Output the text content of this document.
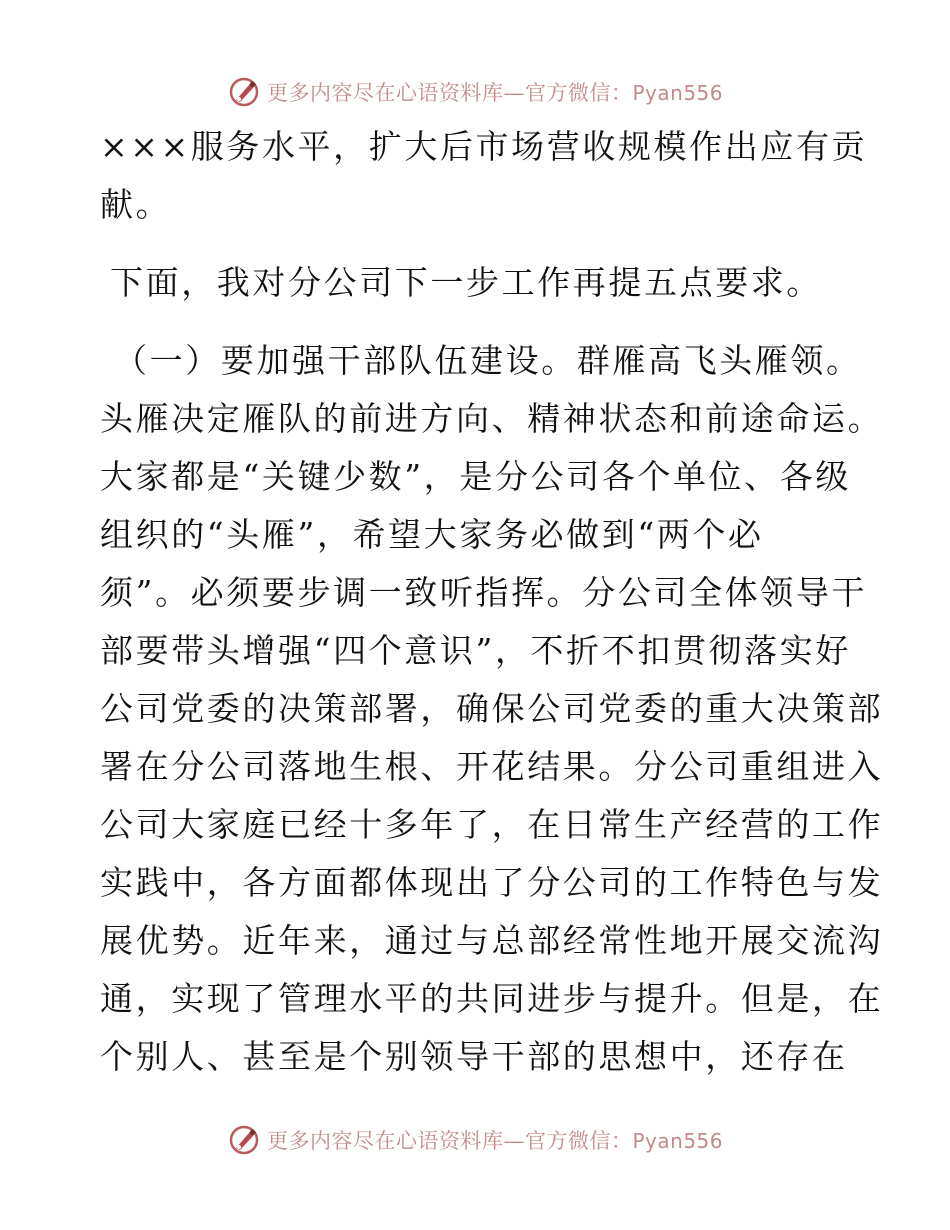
更多内容尽在心语资料库—官方微信：Pyan556
×××服务水平，扩大后市场营收规模作出应有贡
献。
下面，我对分公司下一步工作再提五点要求。
（一）要加强干部队伍建设。群雁高飞头雁领。
头雁决定雁队的前进方向、精神状态和前途命运。
大家都是“关键少数”，是分公司各个单位、各级
组织的“头雁”，希望大家务必做到“两个必
须”。必须要步调一致听指挥。分公司全体领导干
部要带头增强“四个意识”，不折不扣贯彻落实好
公司党委的决策部署，确保公司党委的重大决策部
署在分公司落地生根、开花结果。分公司重组进入
公司大家庭已经十多年了，在日常生产经营的工作
实践中，各方面都体现出了分公司的工作特色与发
展优势。近年来，通过与总部经常性地开展交流沟
通，实现了管理水平的共同进步与提升。但是，在
个别人、甚至是个别领导干部的思想中，还存在
更多内容尽在心语资料库—官方微信：Pyan556
